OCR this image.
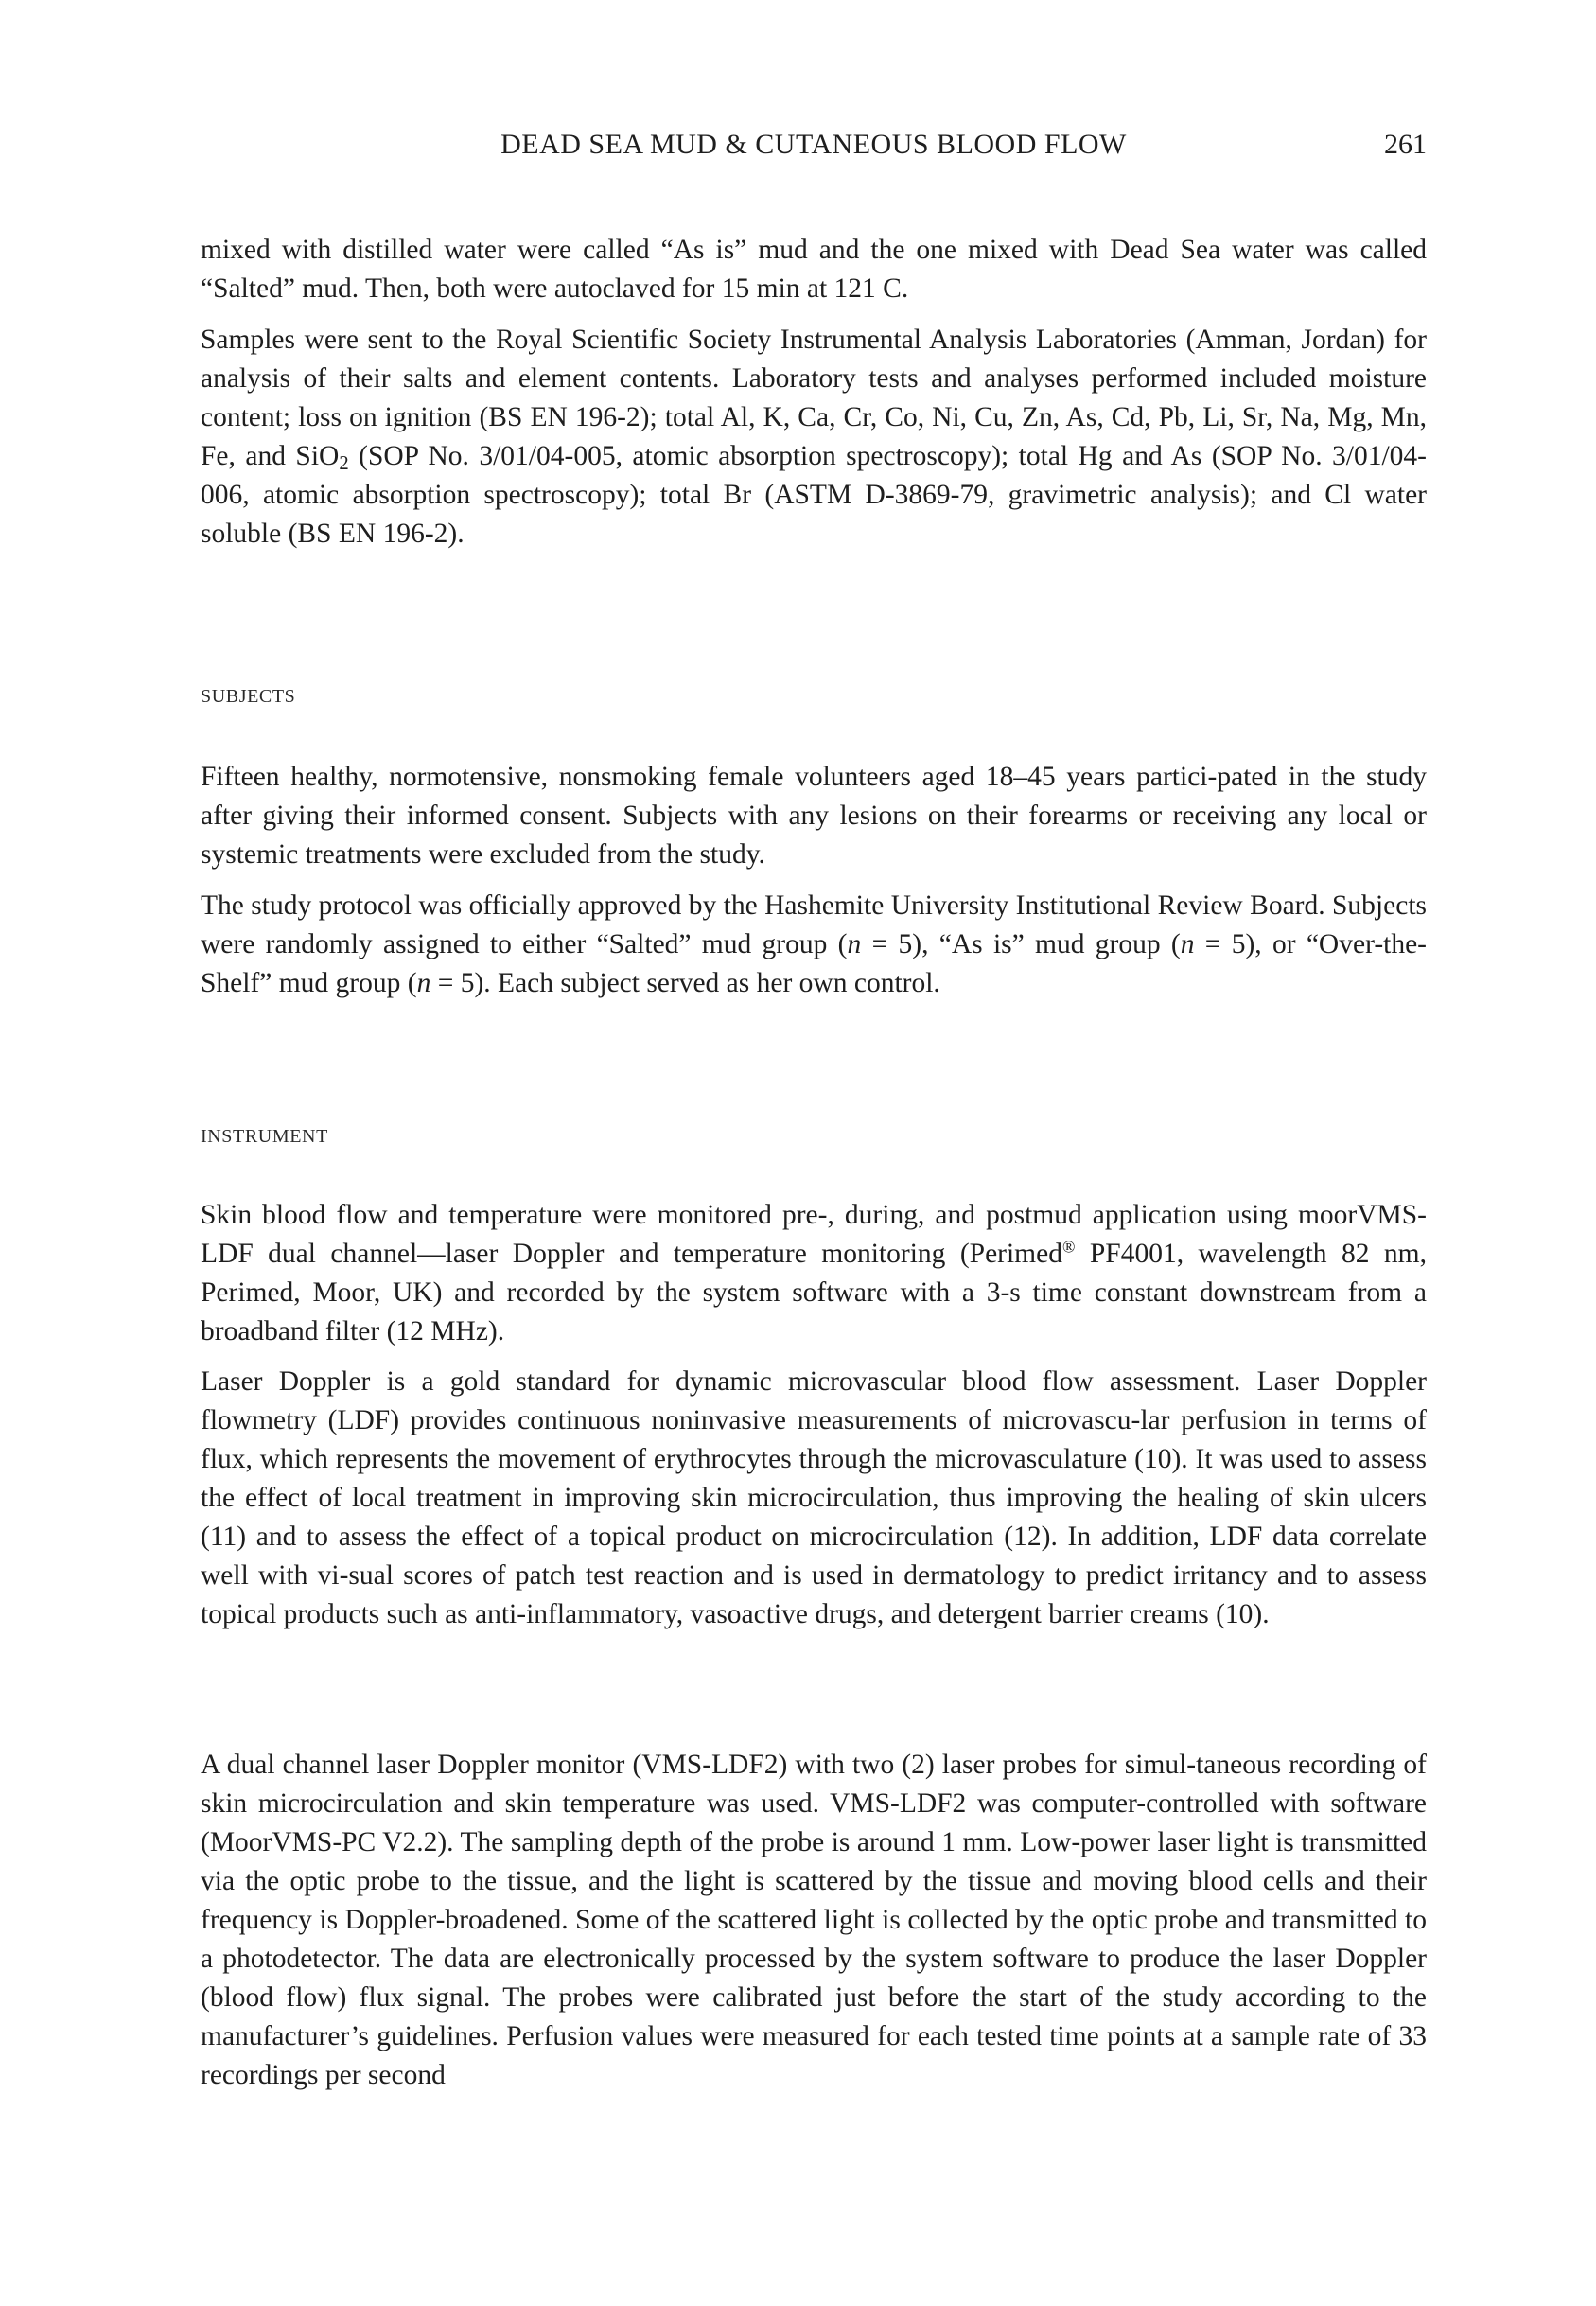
DEAD SEA MUD & CUTANEOUS BLOOD FLOW	261

mixed with distilled water were called “As is” mud and the one mixed with Dead Sea water was called “Salted” mud. Then, both were autoclaved for 15 min at 121 C.

Samples were sent to the Royal Scientific Society Instrumental Analysis Laboratories (Amman, Jordan) for analysis of their salts and element contents. Laboratory tests and analyses performed included moisture content; loss on ignition (BS EN 196-2); total Al, K, Ca, Cr, Co, Ni, Cu, Zn, As, Cd, Pb, Li, Sr, Na, Mg, Mn, Fe, and SiO$_2$ (SOP No. 3/01/04-005, atomic absorption spectroscopy); total Hg and As (SOP No. 3/01/04-006, atomic absorption spectroscopy); total Br (ASTM D-3869-79, gravimetric analysis); and Cl water soluble (BS EN 196-2).

SUBJECTS

Fifteen healthy, normotensive, nonsmoking female volunteers aged 18–45 years partici-pated in the study after giving their informed consent. Subjects with any lesions on their forearms or receiving any local or systemic treatments were excluded from the study.

The study protocol was officially approved by the Hashemite University Institutional Review Board. Subjects were randomly assigned to either “Salted” mud group (n = 5), “As is” mud group (n = 5), or “Over-the-Shelf” mud group (n = 5). Each subject served as her own control.

INSTRUMENT

Skin blood flow and temperature were monitored pre-, during, and postmud application using moorVMS-LDF dual channel—laser Doppler and temperature monitoring (Perimed® PF4001, wavelength 82 nm, Perimed, Moor, UK) and recorded by the system software with a 3-s time constant downstream from a broadband filter (12 MHz).

Laser Doppler is a gold standard for dynamic microvascular blood flow assessment. Laser Doppler flowmetry (LDF) provides continuous noninvasive measurements of microvascu-lar perfusion in terms of flux, which represents the movement of erythrocytes through the microvasculature (10). It was used to assess the effect of local treatment in improving skin microcirculation, thus improving the healing of skin ulcers (11) and to assess the effect of a topical product on microcirculation (12). In addition, LDF data correlate well with vi-sual scores of patch test reaction and is used in dermatology to predict irritancy and to assess topical products such as anti-inflammatory, vasoactive drugs, and detergent barrier creams (10).

A dual channel laser Doppler monitor (VMS-LDF2) with two (2) laser probes for simul-taneous recording of skin microcirculation and skin temperature was used. VMS-LDF2 was computer-controlled with software (MoorVMS-PC V2.2). The sampling depth of the probe is around 1 mm. Low-power laser light is transmitted via the optic probe to the tissue, and the light is scattered by the tissue and moving blood cells and their frequency is Doppler-broadened. Some of the scattered light is collected by the optic probe and transmitted to a photodetector. The data are electronically processed by the system software to produce the laser Doppler (blood flow) flux signal. The probes were calibrated just before the start of the study according to the manufacturer’s guidelines. Perfusion values were measured for each tested time points at a sample rate of 33 recordings per second
